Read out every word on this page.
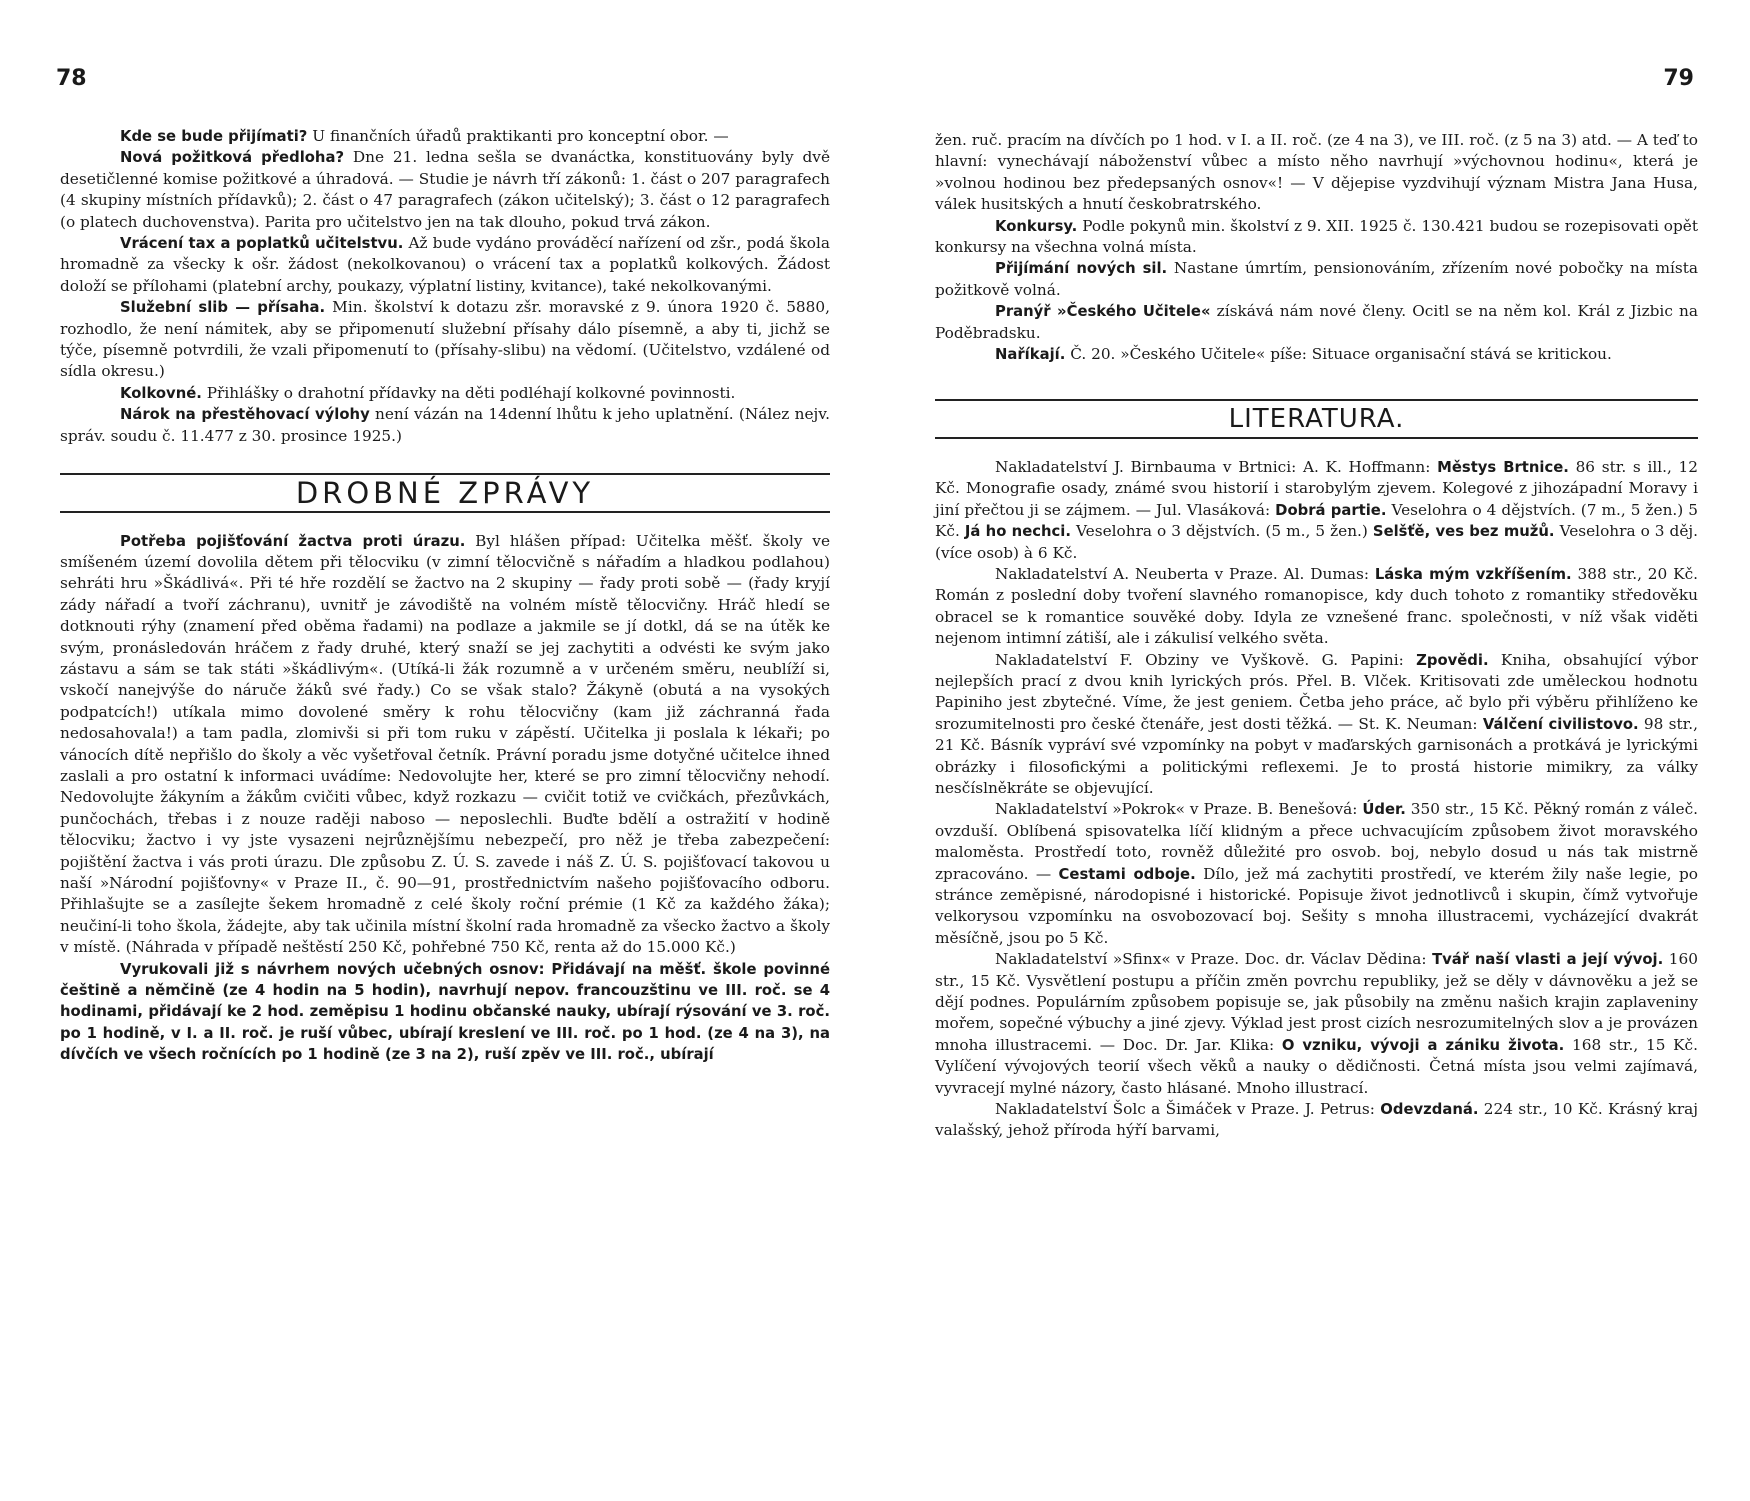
78

Kde se bude přijímati? U finančních úřadů praktikanti pro konceptní obor. —

Nová požitková předloha? Dne 21. ledna sešla se dvanáctka, konstituovány byly dvě desetičlenné komise požitkové a úhradová. — Studie je návrh tří zákonů: 1. část o 207 paragrafech (4 skupiny místních přídavků); 2. část o 47 paragrafech (zákon učitelský); 3. část o 12 paragrafech (o platech duchovenstva). Parita pro učitelstvo jen na tak dlouho, pokud trvá zákon.

Vrácení tax a poplatků učitelstvu. Až bude vydáno prováděcí nařízení od zšr., podá škola hromadně za všecky k ošr. žádost (nekolkovanou) o vrácení tax a poplatků kolkových. Žádost doloží se přílohami (platební archy, poukazy, výplatní listiny, kvitance), také nekolkovanými.

Služební slib — přísaha. Min. školství k dotazu zšr. moravské z 9. února 1920 č. 5880, rozhodlo, že není námitek, aby se připomenutí služební přísahy dálo písemně, a aby ti, jichž se týče, písemně potvrdili, že vzali připomenutí to (přísahy-slibu) na vědomí. (Učitelstvo, vzdálené od sídla okresu.)

Kolkovné. Přihlášky o drahotní přídavky na děti podléhají kolkovné povinnosti.

Nárok na přestěhovací výlohy není vázán na 14denní lhůtu k jeho uplatnění. (Nález nejv. správ. soudu č. 11.477 z 30. prosince 1925.)

DROBNÉ ZPRÁVY

Potřeba pojišťování žactva proti úrazu. Byl hlášen případ: Učitelka měšť. školy ve smíšeném území dovolila dětem při tělocviku (v zimní tělocvičně s nářadím a hladkou podlahou) sehráti hru »Škádlivá«. Při té hře rozdělí se žactvo na 2 skupiny — řady proti sobě — (řady kryjí zády nářadí a tvoří záchranu), uvnitř je závodiště na volném místě tělocvičny. Hráč hledí se dotknouti rýhy (znamení před oběma řadami) na podlaze a jakmile se jí dotkl, dá se na útěk ke svým, pronásledován hráčem z řady druhé, který snaží se jej zachytiti a odvésti ke svým jako zástavu a sám se tak státi »škádlivým«. (Utíká-li žák rozumně a v určeném směru, neublíží si, vskočí nanejvýše do náruče žáků své řady.) Co se však stalo? Žákyně (obutá a na vysokých podpatcích!) utíkala mimo dovolené směry k rohu tělocvičny (kam již záchranná řada nedosahovala!) a tam padla, zlomivši si při tom ruku v zápěstí. Učitelka ji poslala k lékaři; po vánocích dítě nepřišlo do školy a věc vyšetřoval četník. Právní poradu jsme dotyčné učitelce ihned zaslali a pro ostatní k informaci uvádíme: Nedovolujte her, které se pro zimní tělocvičny nehodí. Nedovolujte žákyním a žákům cvičiti vůbec, když rozkazu — cvičit totiž ve cvičkách, přezůvkách, punčochách, třebas i z nouze raději naboso — neposlechli. Buďte bdělí a ostražití v hodině tělocviku; žactvo i vy jste vysazeni nejrůznějšímu nebezpečí, pro něž je třeba zabezpečení: pojištění žactva i vás proti úrazu. Dle způsobu Z. Ú. S. zavede i náš Z. Ú. S. pojišťovací takovou u naší »Národní pojišťovny« v Praze II., č. 90—91, prostřednictvím našeho pojišťovacího odboru. Přihlašujte se a zasílejte šekem hromadně z celé školy roční prémie (1 Kč za každého žáka); neučiní-li toho škola, žádejte, aby tak učinila místní školní rada hromadně za všecko žactvo a školy v místě. (Náhrada v případě neštěstí 250 Kč, pohřebné 750 Kč, renta až do 15.000 Kč.)

Vyrukovali již s návrhem nových učebných osnov: Přidávají na měšť. škole povinné češtině a němčině (ze 4 hodin na 5 hodin), navrhují nepov. francouzštinu ve III. roč. se 4 hodinami, přidávají ke 2 hod. zeměpisu 1 hodinu občanské nauky, ubírají rýsování ve 3. roč. po 1 hodině, v I. a II. roč. je ruší vůbec, ubírají kreslení ve III. roč. po 1 hod. (ze 4 na 3), na dívčích ve všech ročnících po 1 hodině (ze 3 na 2), ruší zpěv ve III. roč., ubírají

79

žen. ruč. pracím na dívčích po 1 hod. v I. a II. roč. (ze 4 na 3), ve III. roč. (z 5 na 3) atd. — A teď to hlavní: vynechávají náboženství vůbec a místo něho navrhují »výchovnou hodinu«, která je »volnou hodinou bez předepsaných osnov«! — V dějepise vyzdvihují význam Mistra Jana Husa, válek husitských a hnutí českobratrského.

Konkursy. Podle pokynů min. školství z 9. XII. 1925 č. 130.421 budou se rozepisovati opět konkursy na všechna volná místa.

Přijímání nových sil. Nastane úmrtím, pensionováním, zřízením nové pobočky na místa požitkově volná.

Pranýř »Českého Učitele« získává nám nové členy. Ocitl se na něm kol. Král z Jizbic na Poděbradsku.

Naříkají. Č. 20. »Českého Učitele« píše: Situace organisační stává se kritickou.

LITERATURA.

Nakladatelství J. Birnbauma v Brtnici: A. K. Hoffmann: Městys Brtnice. 86 str. s ill., 12 Kč. Monografie osady, známé svou historií i starobylým zjevem. Kolegové z jihozápadní Moravy i jiní přečtou ji se zájmem. — Jul. Vlasáková: Dobrá partie. Veselohra o 4 dějstvích. (7 m., 5 žen.) 5 Kč. Já ho nechci. Veselohra o 3 dějstvích. (5 m., 5 žen.) Selšťě, ves bez mužů. Veselohra o 3 děj. (více osob) à 6 Kč.

Nakladatelství A. Neuberta v Praze. Al. Dumas: Láska mým vzkříšením. 388 str., 20 Kč. Román z poslední doby tvoření slavného romanopisce, kdy duch tohoto z romantiky středověku obracel se k romantice souvěké doby. Idyla ze vznešené franc. společnosti, v níž však viděti nejenom intimní zátiší, ale i zákulisí velkého světa.

Nakladatelství F. Obziny ve Vyškově. G. Papini: Zpovědi. Kniha, obsahující výbor nejlepších prací z dvou knih lyrických prós. Přel. B. Vlček. Kritisovati zde uměleckou hodnotu Papiniho jest zbytečné. Víme, že jest geniem. Četba jeho práce, ač bylo při výběru přihlíženo ke srozumitelnosti pro české čtenáře, jest dosti těžká. — St. K. Neuman: Válčení civilistovo. 98 str., 21 Kč. Básník vypráví své vzpomínky na pobyt v maďarských garnisonách a protkává je lyrickými obrázky i filosofickými a politickými reflexemi. Je to prostá historie mimikry, za války nesčíslněkráte se objevující.

Nakladatelství »Pokrok« v Praze. B. Benešová: Úder. 350 str., 15 Kč. Pěkný román z váleč. ovzduší. Oblíbená spisovatelka líčí klidným a přece uchvacujícím způsobem život moravského maloměsta. Prostředí toto, rovněž důležité pro osvob. boj, nebylo dosud u nás tak mistrně zpracováno. — Cestami odboje. Dílo, jež má zachytiti prostředí, ve kterém žily naše legie, po stránce zeměpisné, národopisné i historické. Popisuje život jednotlivců i skupin, čímž vytvořuje velkorysou vzpomínku na osvobozovací boj. Sešity s mnoha illustracemi, vycházející dvakrát měsíčně, jsou po 5 Kč.

Nakladatelství »Sfinx« v Praze. Doc. dr. Václav Dědina: Tvář naší vlasti a její vývoj. 160 str., 15 Kč. Vysvětlení postupu a příčin změn povrchu republiky, jež se děly v dávnověku a jež se dějí podnes. Populárním způsobem popisuje se, jak působily na změnu našich krajin zaplaveniny mořem, sopečné výbuchy a jiné zjevy. Výklad jest prost cizích nesrozumitelných slov a je provázen mnoha illustracemi. — Doc. Dr. Jar. Klika: O vzniku, vývoji a zániku života. 168 str., 15 Kč. Vylíčení vývojových teorií všech věků a nauky o dědičnosti. Četná místa jsou velmi zajímavá, vyvracejí mylné názory, často hlásané. Mnoho illustrací.

Nakladatelství Šolc a Šimáček v Praze. J. Petrus: Odevzdaná. 224 str., 10 Kč. Krásný kraj valašský, jehož příroda hýří barvami,
